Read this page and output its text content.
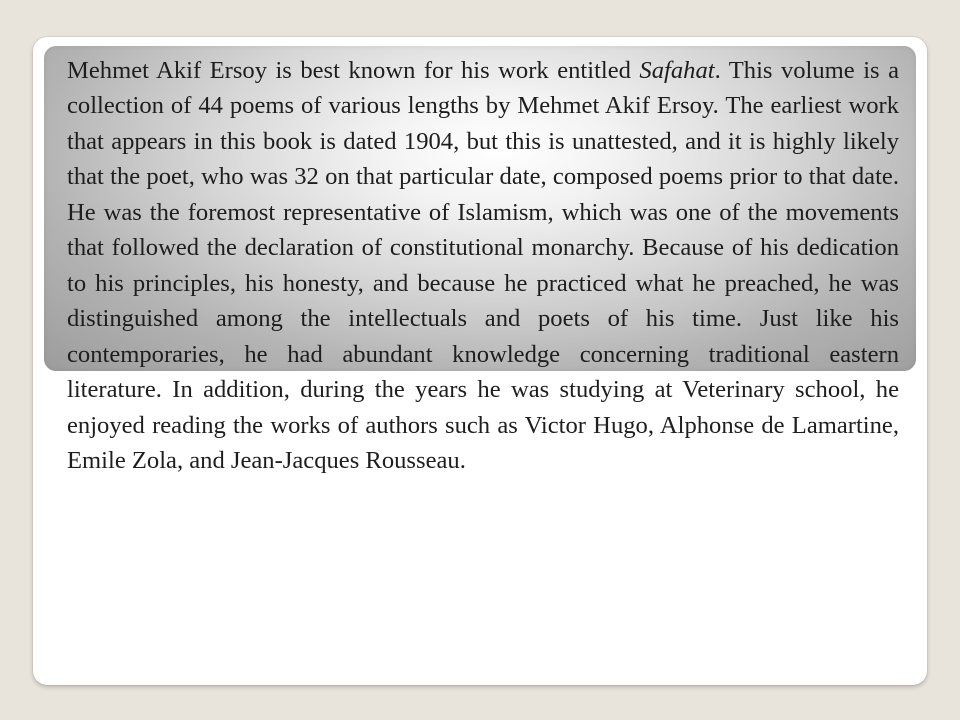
Mehmet Akif Ersoy is best known for his work entitled Safahat. This volume is a collection of 44 poems of various lengths by Mehmet Akif Ersoy. The earliest work that appears in this book is dated 1904, but this is unattested, and it is highly likely that the poet, who was 32 on that particular date, composed poems prior to that date. He was the foremost representative of Islamism, which was one of the movements that followed the declaration of constitutional monarchy. Because of his dedication to his principles, his honesty, and because he practiced what he preached, he was distinguished among the intellectuals and poets of his time. Just like his contemporaries, he had abundant knowledge concerning traditional eastern literature. In addition, during the years he was studying at Veterinary school, he enjoyed reading the works of authors such as Victor Hugo, Alphonse de Lamartine, Emile Zola, and Jean-Jacques Rousseau.
